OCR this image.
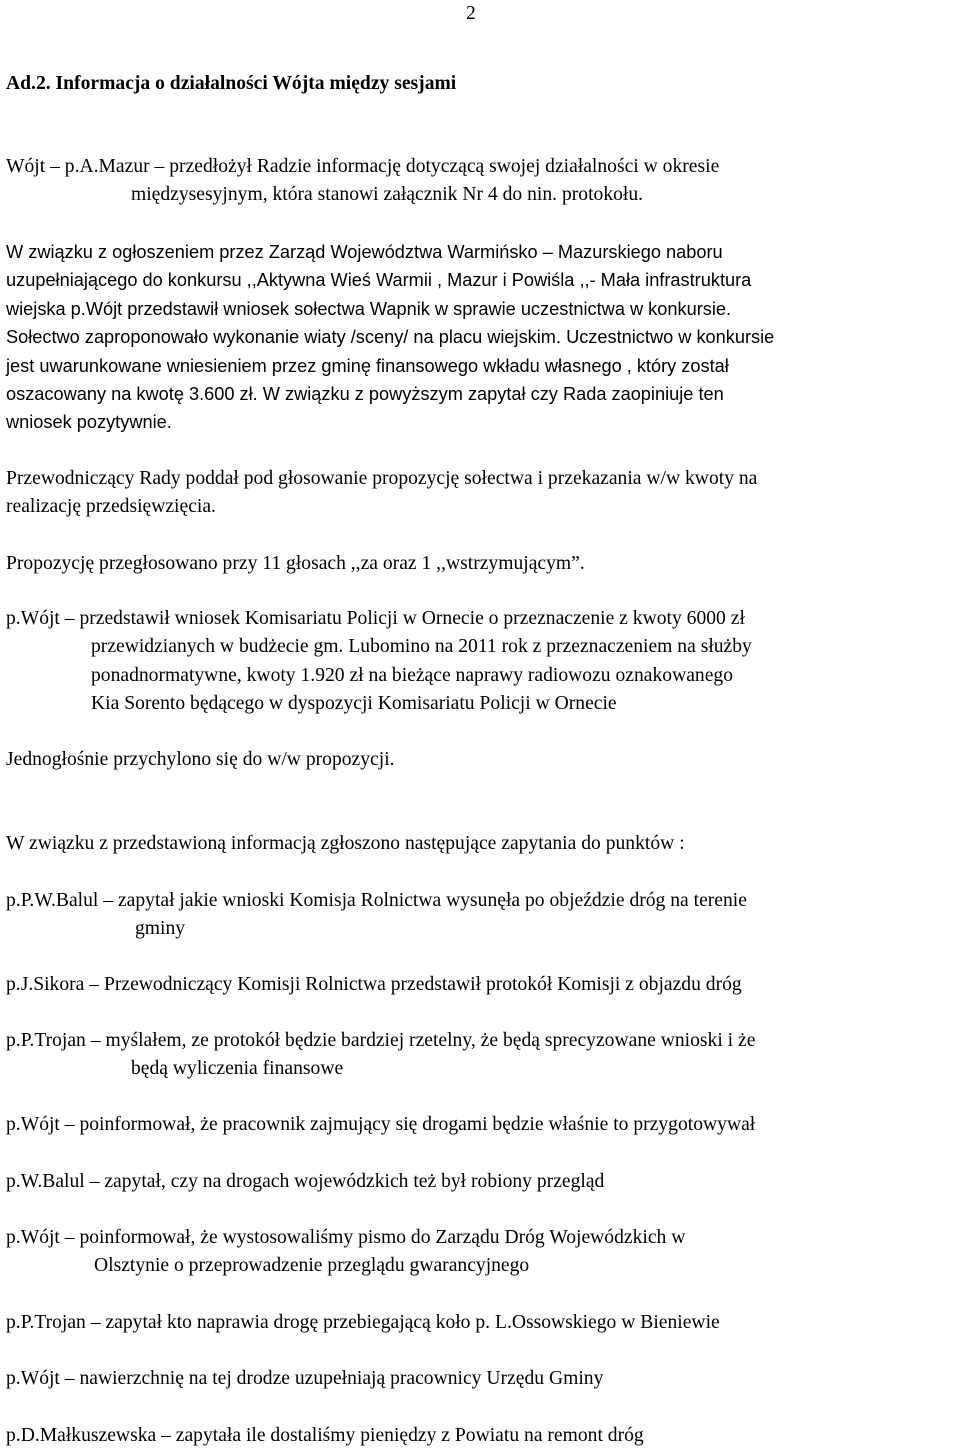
2
Ad.2. Informacja o działalności Wójta między sesjami
Wójt – p.A.Mazur – przedłożył Radzie informację dotyczącą swojej działalności w okresie
międzysesyjnym, która stanowi załącznik Nr 4 do nin. protokołu.
W związku z ogłoszeniem przez Zarząd Województwa Warmińsko – Mazurskiego naboru
uzupełniającego do konkursu ,,Aktywna Wieś Warmii , Mazur i Powiśla ,,- Mała infrastruktura
wiejska p.Wójt przedstawił wniosek sołectwa Wapnik w sprawie uczestnictwa w konkursie.
Sołectwo zaproponowało wykonanie wiaty /sceny/ na placu wiejskim. Uczestnictwo w konkursie
jest uwarunkowane wniesieniem przez gminę finansowego wkładu własnego , który został
oszacowany na kwotę 3.600 zł. W związku z powyższym zapytał czy Rada zaopiniuje ten
wniosek pozytywnie.
Przewodniczący Rady poddał pod głosowanie propozycję sołectwa i przekazania w/w kwoty na
realizację przedsięwzięcia.
Propozycję przegłosowano przy 11 głosach ,,za oraz 1 ,,wstrzymującym”.
p.Wójt – przedstawił wniosek Komisariatu Policji w Ornecie o przeznaczenie z kwoty 6000 zł
przewidzianych w budżecie gm. Lubomino na 2011 rok z przeznaczeniem na służby
ponadnormatywne, kwoty 1.920 zł na bieżące naprawy radiowozu oznakowanego
Kia Sorento będącego w dyspozycji Komisariatu Policji w Ornecie
Jednogłośnie przychylono się do w/w propozycji.
W związku z przedstawioną informacją zgłoszono następujące zapytania do punktów :
p.P.W.Balul – zapytał jakie wnioski Komisja Rolnictwa wysunęła po objeździe dróg na terenie
gminy
p.J.Sikora – Przewodniczący Komisji Rolnictwa przedstawił protokół Komisji z objazdu dróg
p.P.Trojan – myślałem, ze protokół będzie bardziej rzetelny, że będą sprecyzowane wnioski i że
będą wyliczenia finansowe
p.Wójt – poinformował, że pracownik zajmujący się drogami będzie właśnie to przygotowywał
p.W.Balul – zapytał, czy na drogach wojewódzkich też był robiony przegląd
p.Wójt – poinformował, że wystosowaliśmy pismo do Zarządu Dróg Wojewódzkich w
Olsztynie o przeprowadzenie przeglądu gwarancyjnego
p.P.Trojan – zapytał kto naprawia drogę przebiegającą koło p. L.Ossowskiego w Bieniewie
p.Wójt – nawierzchnię na tej drodze uzupełniają pracownicy Urzędu Gminy
p.D.Małkuszewska – zapytała ile dostaliśmy pieniędzy z Powiatu na remont dróg
